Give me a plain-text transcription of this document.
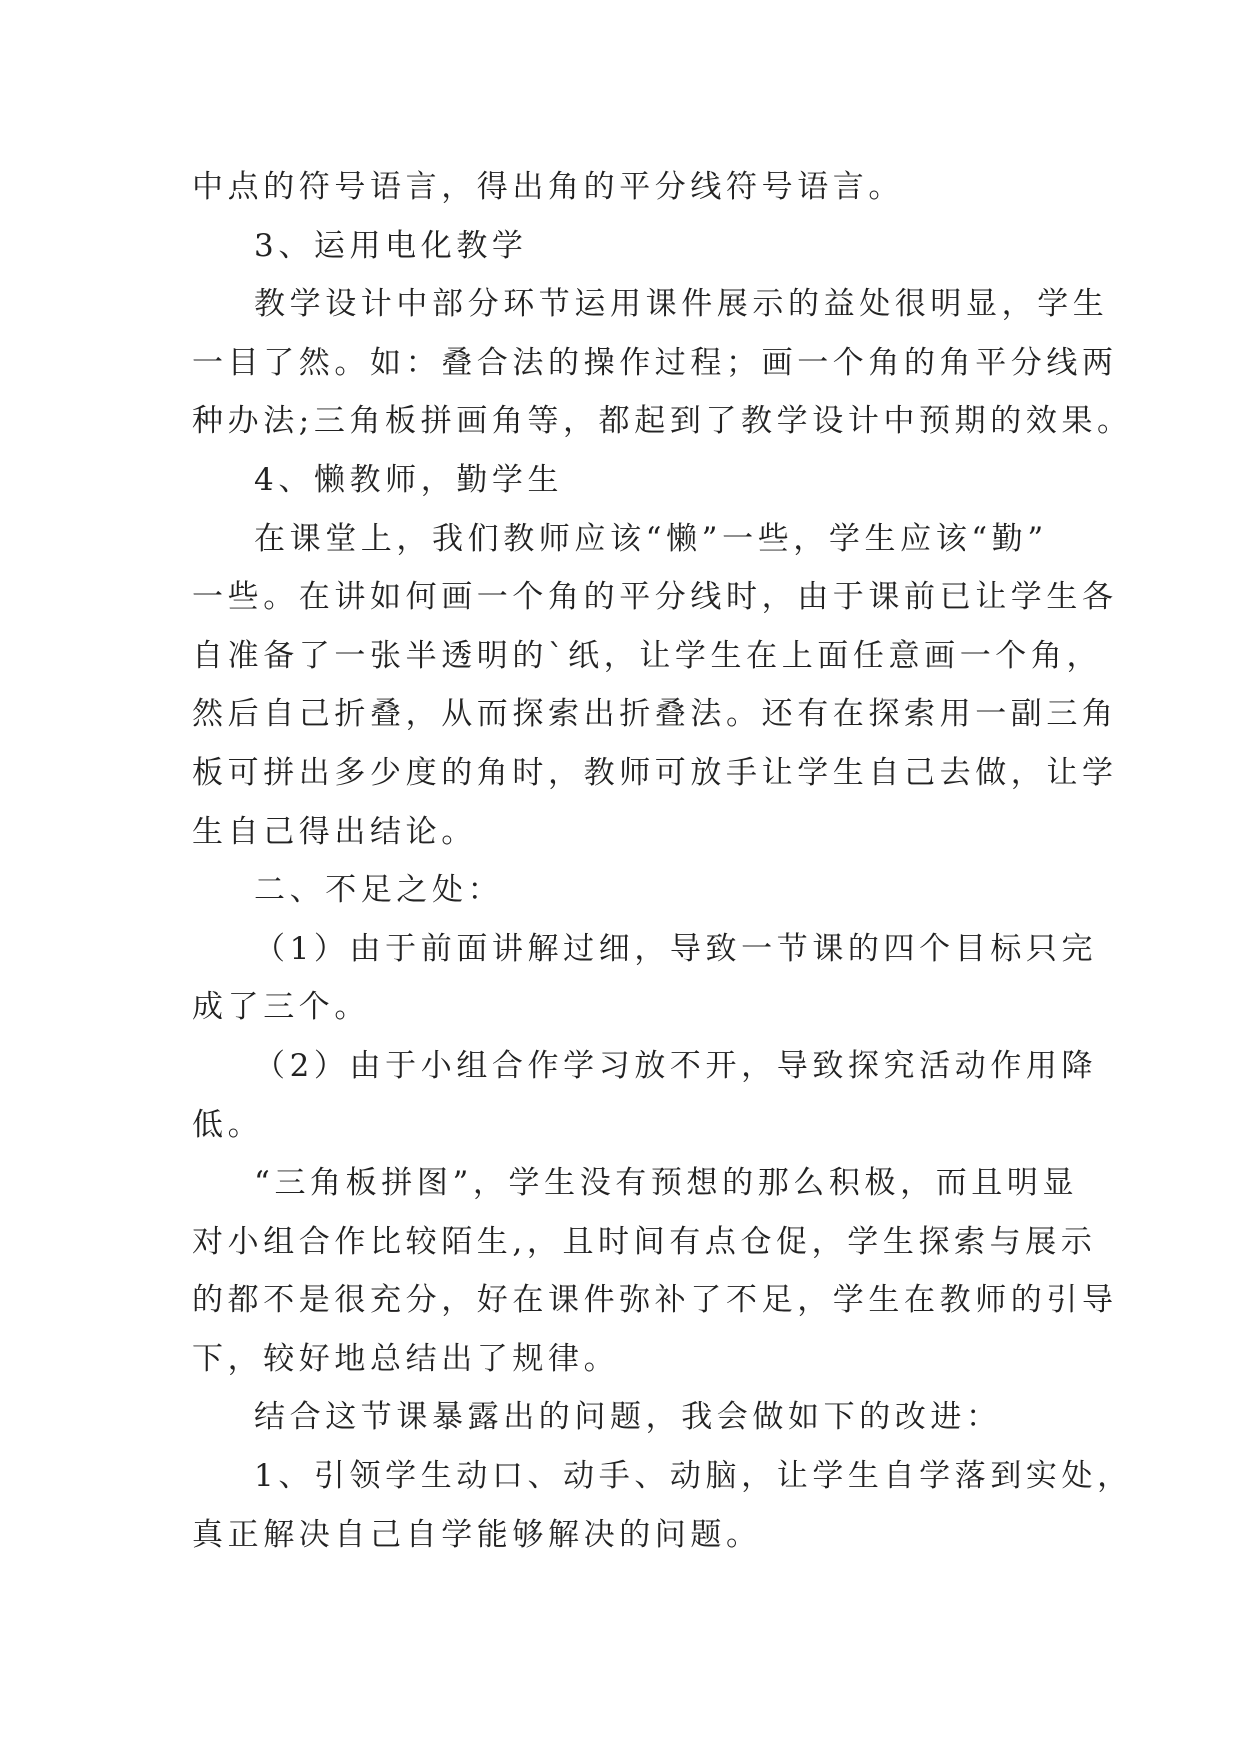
中点的符号语言，得出角的平分线符号语言。
3、运用电化教学
教学设计中部分环节运用课件展示的益处很明显，学生
一目了然。如：叠合法的操作过程；画一个角的角平分线两
种办法;三角板拼画角等，都起到了教学设计中预期的效果。
4、懒教师，勤学生
在课堂上，我们教师应该“懒”一些，学生应该“勤”
一些。在讲如何画一个角的平分线时，由于课前已让学生各
自准备了一张半透明的`纸，让学生在上面任意画一个角，
然后自己折叠，从而探索出折叠法。还有在探索用一副三角
板可拼出多少度的角时，教师可放手让学生自己去做，让学
生自己得出结论。
二、不足之处：
（1）由于前面讲解过细，导致一节课的四个目标只完
成了三个。
（2）由于小组合作学习放不开，导致探究活动作用降
低。
“三角板拼图”，学生没有预想的那么积极，而且明显
对小组合作比较陌生,，且时间有点仓促，学生探索与展示
的都不是很充分，好在课件弥补了不足，学生在教师的引导
下，较好地总结出了规律。
结合这节课暴露出的问题，我会做如下的改进：
1、引领学生动口、动手、动脑，让学生自学落到实处，
真正解决自己自学能够解决的问题。
